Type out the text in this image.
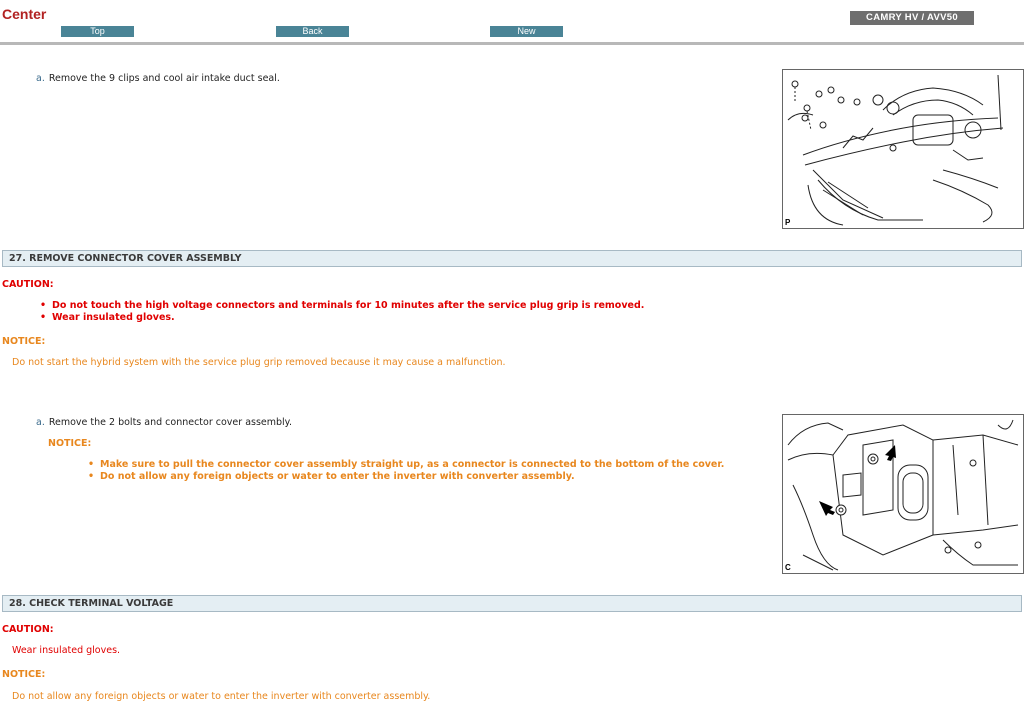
Center
Top	Back	New
CAMRY HV / AVV50
a. Remove the 9 clips and cool air intake duct seal.
P
27. REMOVE CONNECTOR COVER ASSEMBLY
CAUTION:
• Do not touch the high voltage connectors and terminals for 10 minutes after the service plug grip is removed.
• Wear insulated gloves.
NOTICE:
Do not start the hybrid system with the service plug grip removed because it may cause a malfunction.
a. Remove the 2 bolts and connector cover assembly.
NOTICE:
• Make sure to pull the connector cover assembly straight up, as a connector is connected to the bottom of the cover.
• Do not allow any foreign objects or water to enter the inverter with converter assembly.
C
28. CHECK TERMINAL VOLTAGE
CAUTION:
Wear insulated gloves.
NOTICE:
Do not allow any foreign objects or water to enter the inverter with converter assembly.
